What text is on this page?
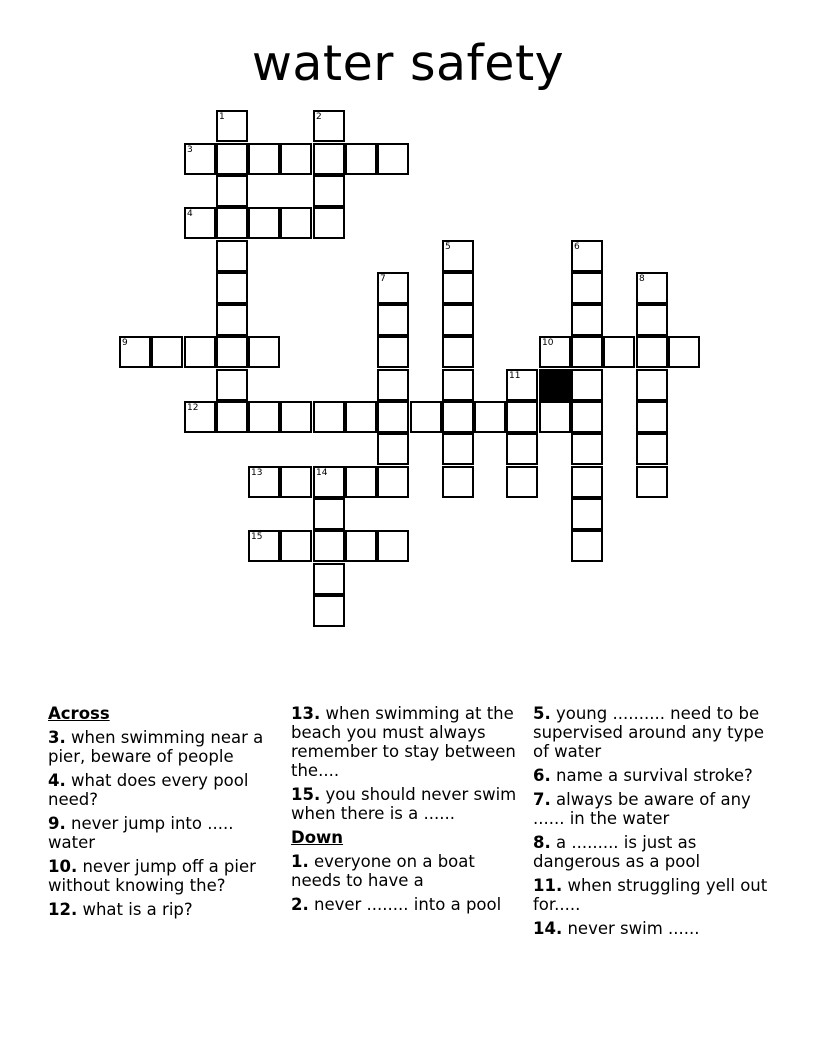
water safety
1	2
3
4
5	6
7	8
9	10
11
12
13	14
15
Across
3. when swimming near a pier, beware of people
4. what does every pool need?
9. never jump into ..... water
10. never jump off a pier without knowing the?
12. what is a rip?
13. when swimming at the beach you must always remember to stay between the....
15. you should never swim when there is a ......
Down
1. everyone on a boat needs to have a
2. never ........ into a pool
5. young .......... need to be supervised around any type of water
6. name a survival stroke?
7. always be aware of any ...... in the water
8. a ......... is just as dangerous as a pool
11. when struggling yell out for.....
14. never swim ......
